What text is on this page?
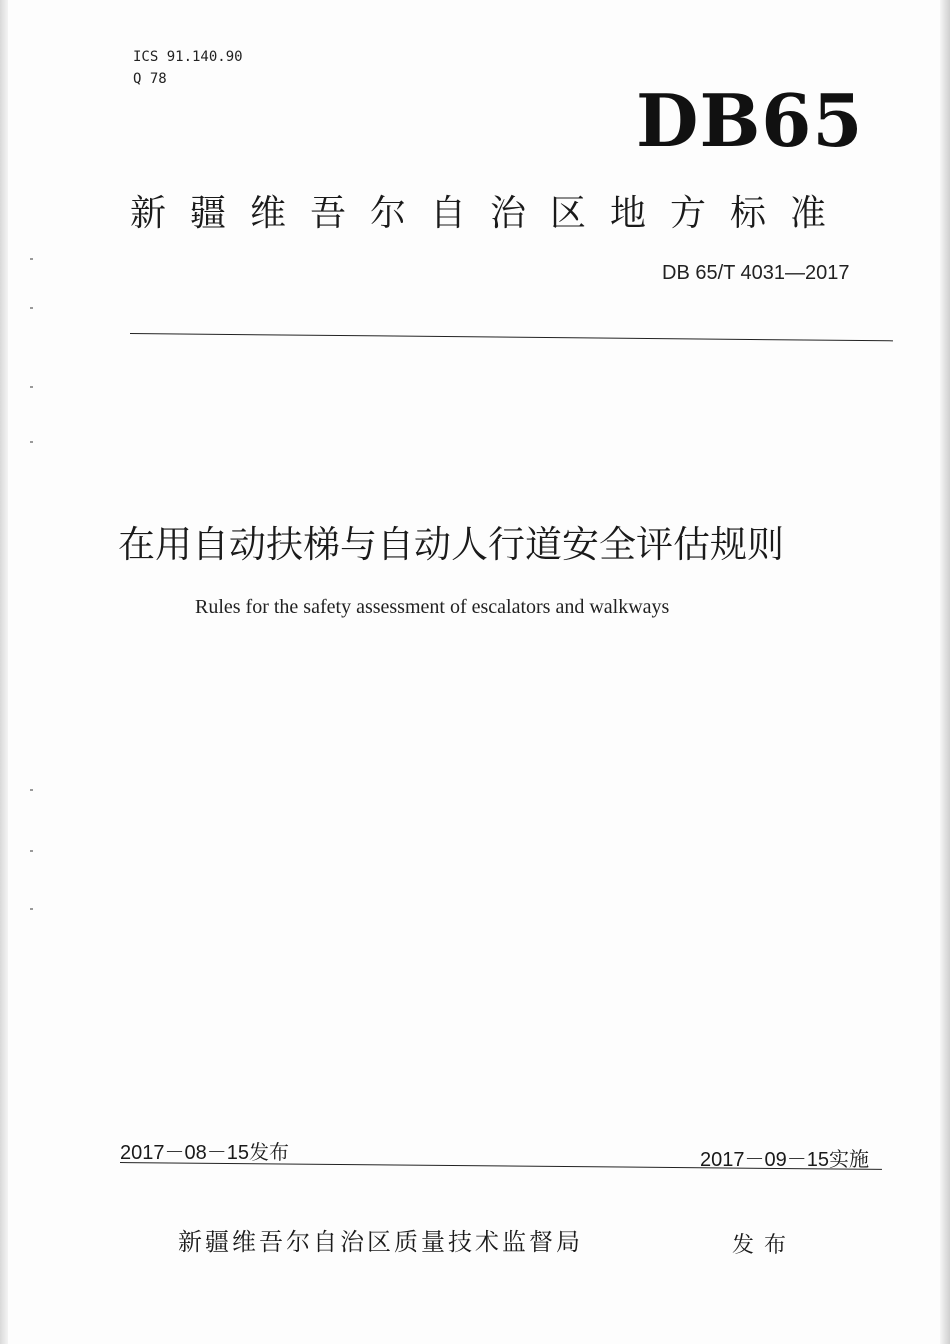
ICS 91.140.90
Q 78	DB65
新疆维吾尔自治区地方标准
DB 65/T 4031—2017
在用自动扶梯与自动人行道安全评估规则
Rules for the safety assessment of escalators and walkways
2017－08－15发布	2017－09－15实施
新疆维吾尔自治区质量技术监督局	发布
